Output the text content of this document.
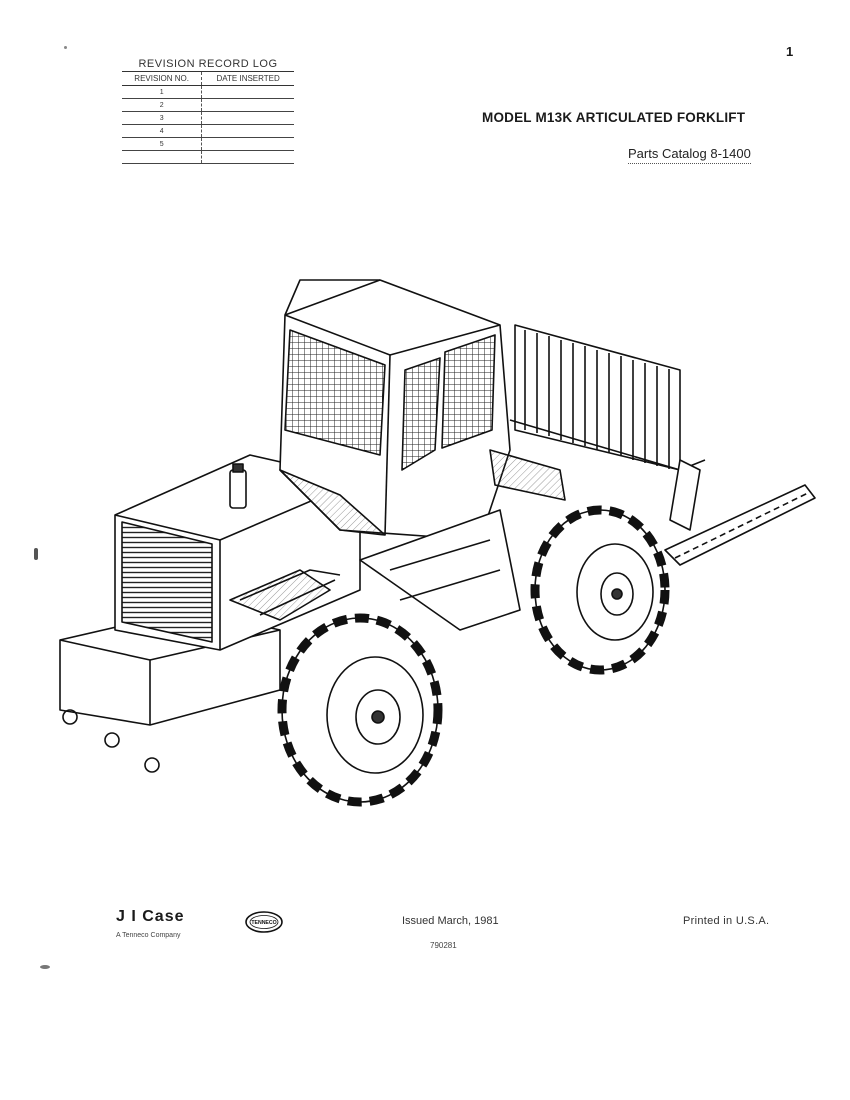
1
REVISION RECORD LOG
REVISION NO.	DATE INSERTED
1	
2	
3	
4	
5	

MODEL M13K ARTICULATED FORKLIFT
Parts Catalog 8-1400
J I Case
A Tenneco Company
TENNECO	Issued March, 1981
790281
Printed in U.S.A.
